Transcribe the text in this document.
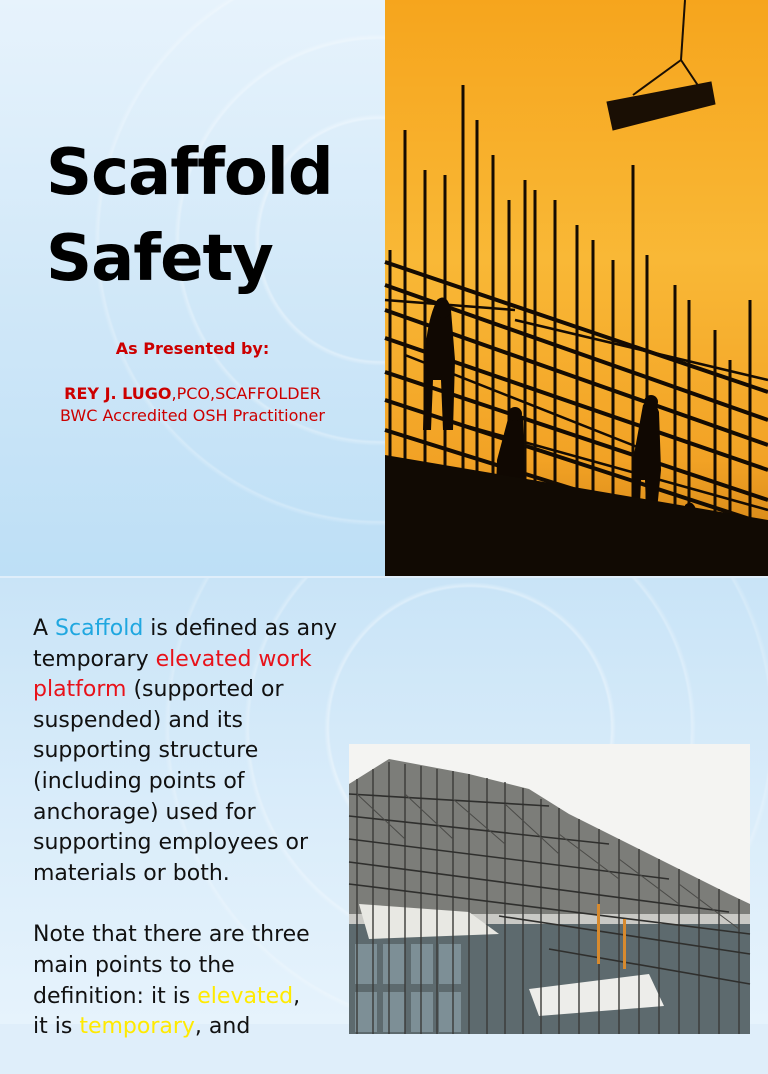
Scaffold
Safety
As Presented by:
REY J. LUGO,PCO,SCAFFOLDER
BWC Accredited OSH Practitioner

A Scaffold is defined as any temporary elevated work platform (supported or suspended) and its supporting structure (including points of anchorage) used for supporting employees or materials or both.

Note that there are three main points to the definition: it is elevated,
it is temporary, and
